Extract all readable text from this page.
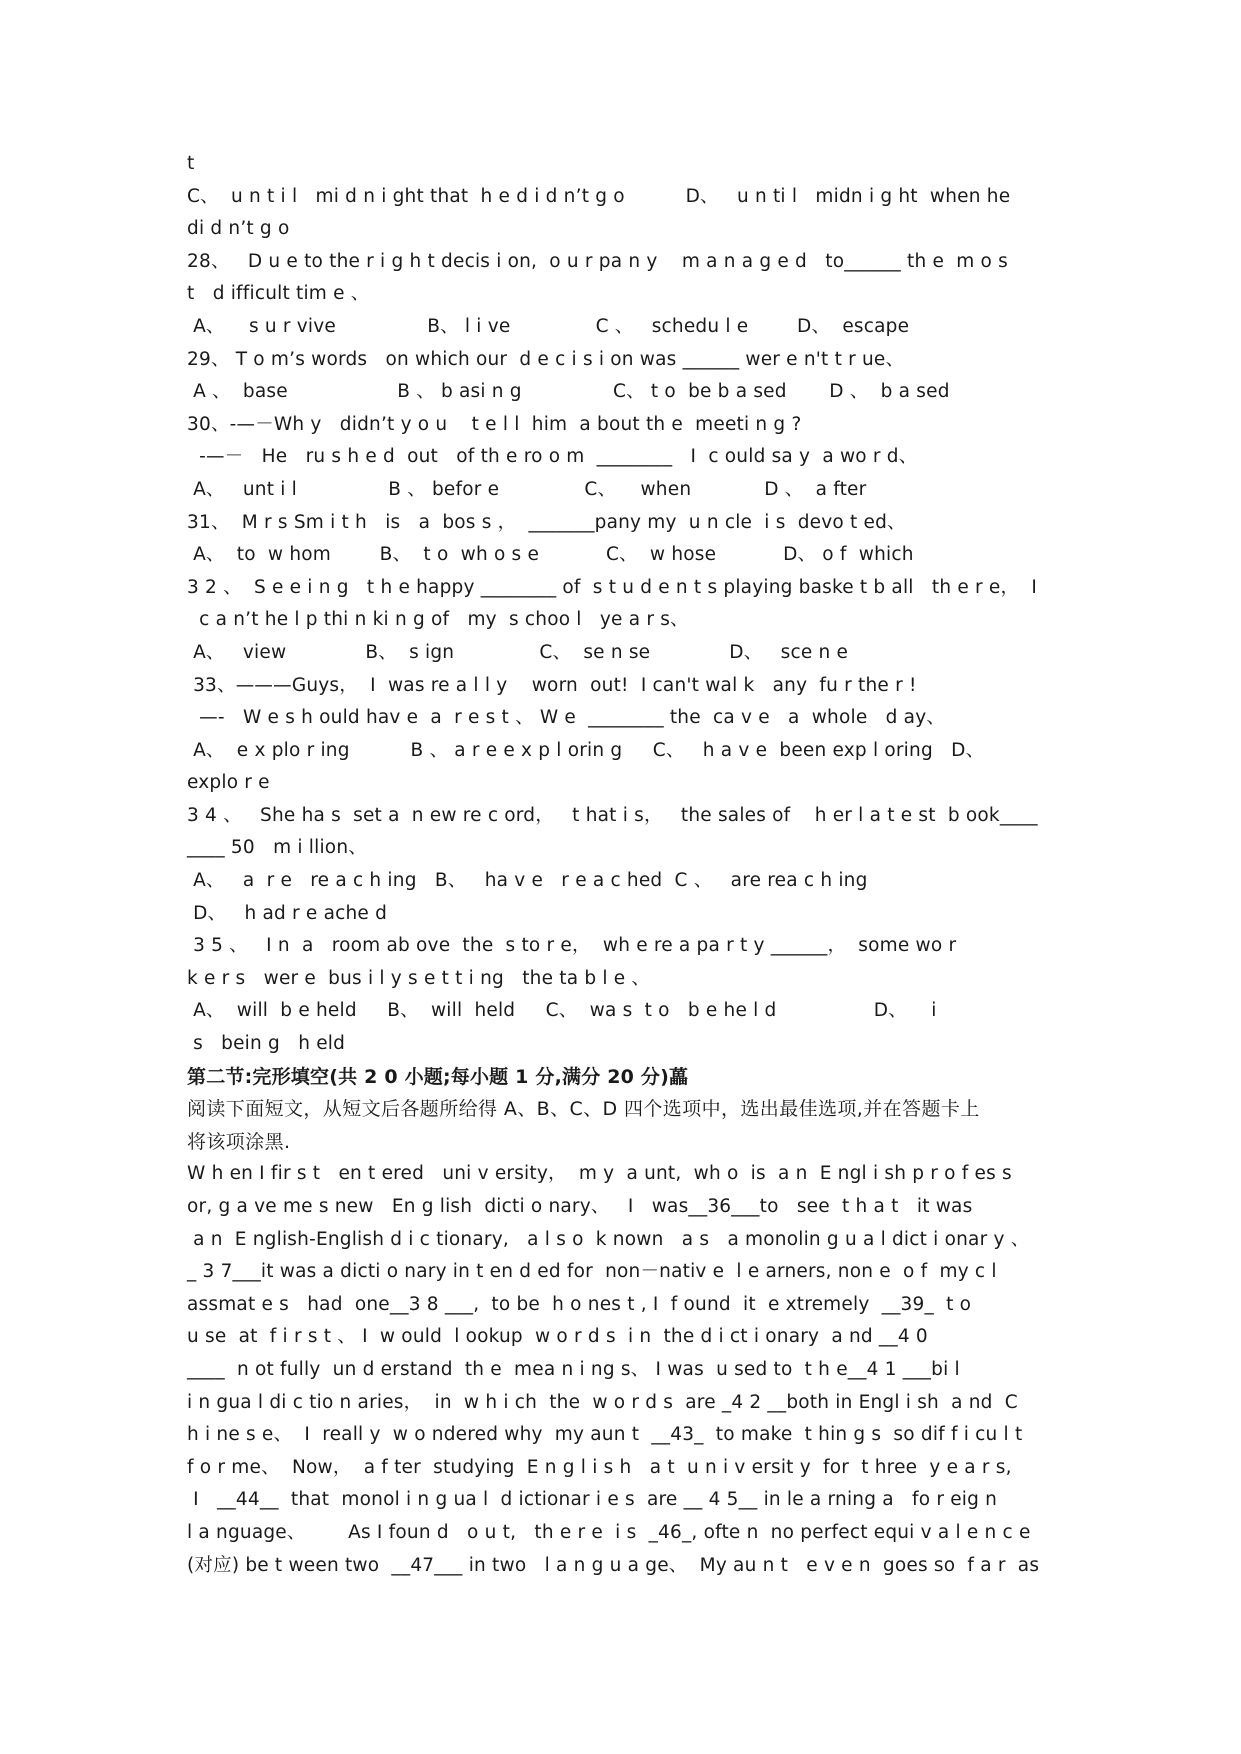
t
C、  u n t i l   mi d n i ght that  h e d i d n’t g o          D、   u n ti l   midn i g ht  when he
di d n’t g o
28、   D u e to the r i g h t decis i on,  o u r pa n y    m a n a g e d   to______ th e  m o s
t   d ifficult tim e 、
A、    s u r vive               B、 l i ve              C 、   schedu l e        D、  escape
29、 T o m’s words   on which our  d e c i s i on was ______ wer e n't t r ue、
A 、  base                  B 、 b asi n g               C、 t o  be b a sed       D 、  b a sed
30、-—－Wh y   didn’t y o u    t e l l  him  a bout th e  meeti n g ?
-—－   He   ru s h e d  out   of th e ro o m  ________   I  c ould sa y  a wo r d、
A、   unt i l               B 、 befor e              C、    when            D 、  a fter
31、  M r s Sm i t h   is   a  bos s ，  _______pany my  u n cle  i s  devo t ed、
A、  to  w hom        B、  t o  wh o s e           C、  w hose           D、 o f  which
3 2 、  S e e i n g   t h e happy ________ of  s t u d e n t s playing baske t b all   th e r e，  I
c a n’t he l p thi n ki n g of   my  s choo l   ye a r s、
A、   view             B、  s ign              C、  se n se             D、   sce n e
33、———Guys，  I  was re a l l y    worn  out!  I can't wal k   any  fu r the r !
—-   W e s h ould hav e  a  r e s t 、 W e  ________ the  ca v e   a  whole   d ay、
A、  e x plo r ing          B 、 a r e e x p l orin g     C、   h a v e  been exp l oring   D、
explo r e
3 4 、   She ha s  set a  n ew re c ord，   t hat i s，   the sales of    h er l a t e st  b ook____
____ 50   m i llion、
A、   a  r e   re a c h ing   B、   ha v e   r e a c hed  C 、   are rea c h ing
D、   h ad r e ache d
3 5 、   I n  a   room ab ove  the  s to r e，  wh e re a pa r t y ______，  some wo r
k e r s   wer e  bus i l y s e t t i ng   the ta b l e 、
A、  will  b e held     B、  will  held     C、  wa s  t o   b e he l d                D、    i
s   bein g   h eld
第二节:完形填空(共 2 0 小题;每小题 1 分,满分 20 分)藟
阅读下面短文，从短文后各题所给得 A、B、C、D 四个选项中，选出最佳选项,并在答题卡上
将该项涂黑.
W h en I fir s t   en t ered   uni v ersity，  m y  a unt,  wh o  is  a n  E ngl i sh p r o f es s
or, g a ve me s new   En g lish  dicti o nary、   I   was__36___to   see  t h a t   it was
a n  E nglish-English d i c tionary,   a l s o  k nown   a s   a monolin g u a l dict i onar y 、
_ 3 7___it was a dicti o nary in t en d ed for  non－nativ e  l e arners, non e  o f  my c l
assmat e s   had  one__3 8 ___,  to be  h o nes t , I  f ound  it  e xtremely  __39_  t o
u se  at  f i r s t 、 I  w ould  l ookup  w o r d s  i n  the d i ct i onary  a nd __4 0
____  n ot fully  un d erstand  th e  mea n i ng s、 I was  u sed to  t h e__4 1 ___bi l
i n gua l di c tio n aries，  in  w h i ch  the  w o r d s  are _4 2 __both in Engl i sh  a nd  C
h i ne s e、  I  reall y  w o ndered why  my aun t  __43_  to make  t hin g s  so dif f i cu l t
f o r me、  Now，  a f ter  studying  E n g l i s h   a t  u n i v ersit y  for  t hree  y e a r s,
I   __44__  that  monol i n g ua l  d ictionar i e s  are __ 4 5__ in le a rning a   fo r eig n
l a nguage、       As I foun d   o u t,   th e r e  i s  _46_, ofte n  no perfect equi v a l e n c e
(对应) be t ween two  __47___ in two   l a n g u a ge、  My au n t   e v e n  goes so  f a r  as
